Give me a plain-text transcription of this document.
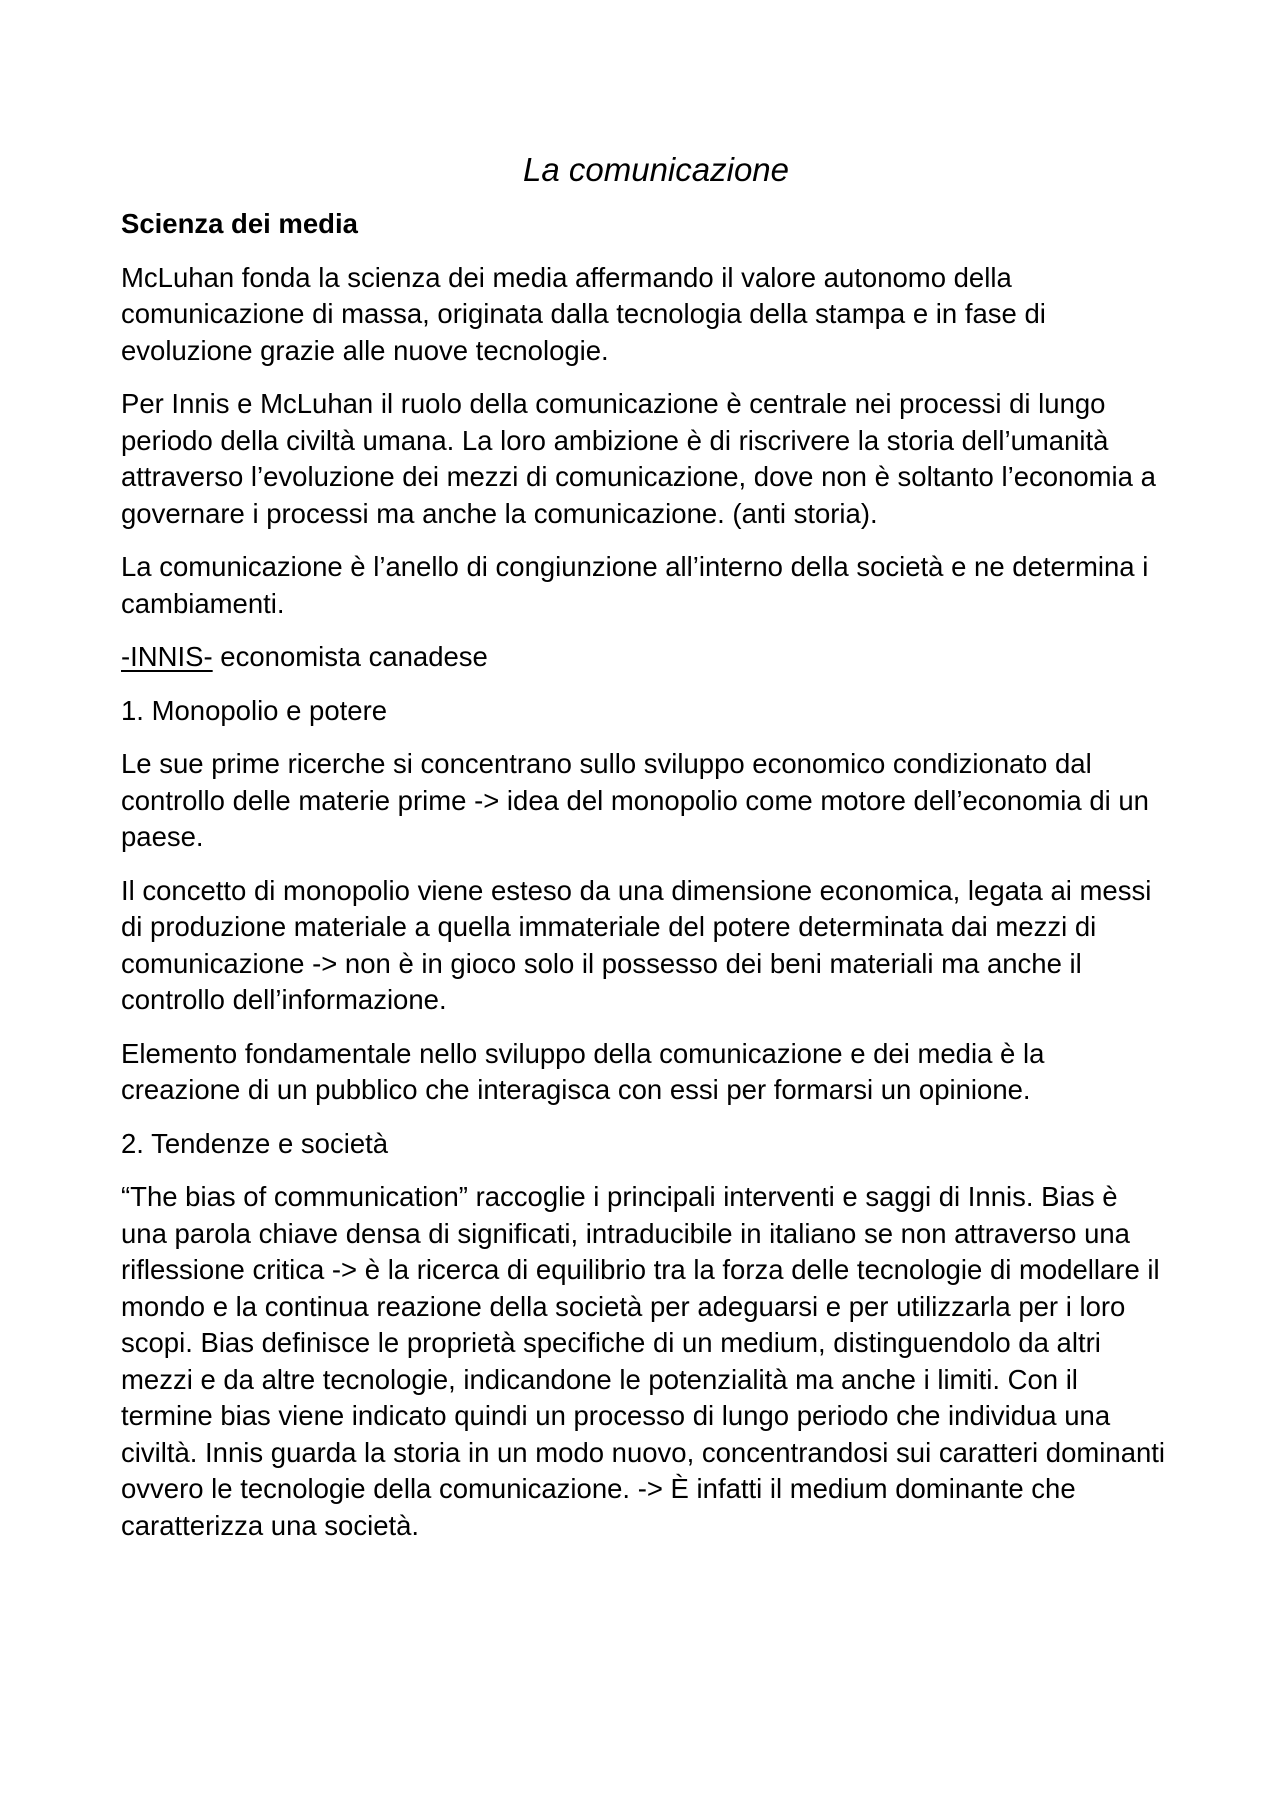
La comunicazione
Scienza dei media

McLuhan fonda la scienza dei media affermando il valore autonomo della comunicazione di massa, originata dalla tecnologia della stampa e in fase di evoluzione grazie alle nuove tecnologie.

Per Innis e McLuhan il ruolo della comunicazione è centrale nei processi di lungo periodo della civiltà umana. La loro ambizione è di riscrivere la storia dell’umanità attraverso l’evoluzione dei mezzi di comunicazione, dove non è soltanto l’economia a governare i processi ma anche la comunicazione. (anti storia).

La comunicazione è l’anello di congiunzione all’interno della società e ne determina i cambiamenti.

-INNIS- economista canadese

1. Monopolio e potere

Le sue prime ricerche si concentrano sullo sviluppo economico condizionato dal controllo delle materie prime -> idea del monopolio come motore dell’economia di un paese.

Il concetto di monopolio viene esteso da una dimensione economica, legata ai messi di produzione materiale a quella immateriale del potere determinata dai mezzi di comunicazione -> non è in gioco solo il possesso dei beni materiali ma anche il controllo dell’informazione.

Elemento fondamentale nello sviluppo della comunicazione e dei media è la creazione di un pubblico che interagisca con essi per formarsi un opinione.

2. Tendenze e società

“The bias of communication” raccoglie i principali interventi e saggi di Innis. Bias è una parola chiave densa di significati, intraducibile in italiano se non attraverso una riflessione critica -> è la ricerca di equilibrio tra la forza delle tecnologie di modellare il mondo e la continua reazione della società per adeguarsi e per utilizzarla per i loro scopi. Bias definisce le proprietà specifiche di un medium, distinguendolo da altri mezzi e da altre tecnologie, indicandone le potenzialità ma anche i limiti. Con il termine bias viene indicato quindi un processo di lungo periodo che individua una civiltà. Innis guarda la storia in un modo nuovo, concentrandosi sui caratteri dominanti ovvero le tecnologie della comunicazione. -> È infatti il medium dominante che caratterizza una società.
